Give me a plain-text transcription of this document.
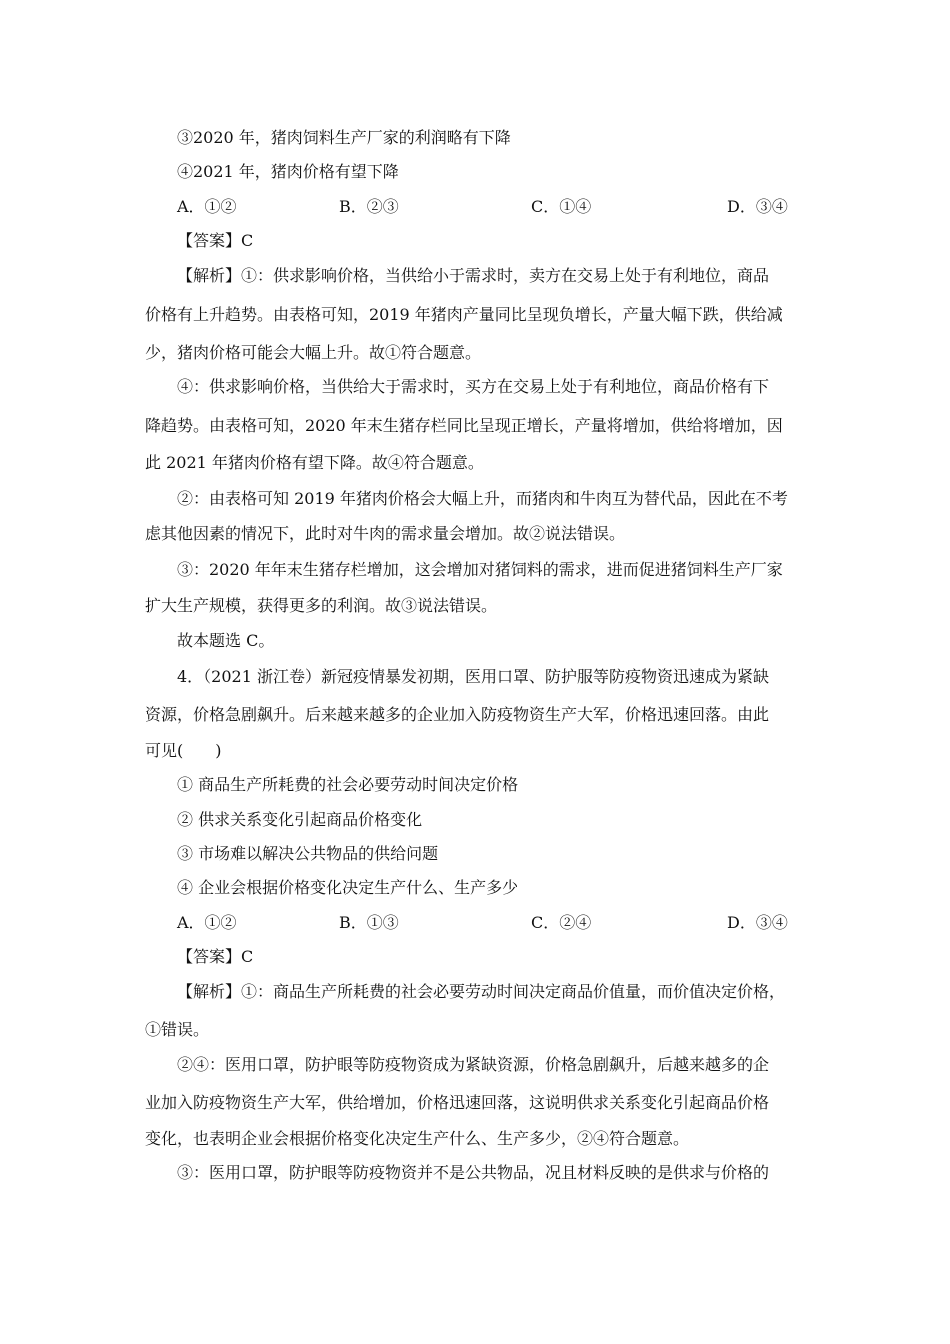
③2020 年，猪肉饲料生产厂家的利润略有下降
④2021 年，猪肉价格有望下降
A．①②	B．②③	C．①④	D．③④
【答案】C
【解析】①：供求影响价格，当供给小于需求时，卖方在交易上处于有利地位，商品
价格有上升趋势。由表格可知，2019 年猪肉产量同比呈现负增长，产量大幅下跌，供给减
少，猪肉价格可能会大幅上升。故①符合题意。
④：供求影响价格，当供给大于需求时，买方在交易上处于有利地位，商品价格有下
降趋势。由表格可知，2020 年末生猪存栏同比呈现正增长，产量将增加，供给将增加，因
此 2021 年猪肉价格有望下降。故④符合题意。
②：由表格可知 2019 年猪肉价格会大幅上升，而猪肉和牛肉互为替代品，因此在不考
虑其他因素的情况下，此时对牛肉的需求量会增加。故②说法错误。
③：2020 年年末生猪存栏增加，这会增加对猪饲料的需求，进而促进猪饲料生产厂家
扩大生产规模，获得更多的利润。故③说法错误。
故本题选 C。
4．（2021 浙江卷）新冠疫情暴发初期，医用口罩、防护服等防疫物资迅速成为紧缺
资源，价格急剧飙升。后来越来越多的企业加入防疫物资生产大军，价格迅速回落。由此
可见(　　)
① 商品生产所耗费的社会必要劳动时间决定价格
② 供求关系变化引起商品价格变化
③ 市场难以解决公共物品的供给问题
④ 企业会根据价格变化决定生产什么、生产多少
A．①②	B．①③	C．②④	D．③④
【答案】C
【解析】①：商品生产所耗费的社会必要劳动时间决定商品价值量，而价值决定价格，
①错误。
②④：医用口罩，防护眼等防疫物资成为紧缺资源，价格急剧飙升，后越来越多的企
业加入防疫物资生产大军，供给增加，价格迅速回落，这说明供求关系变化引起商品价格
变化，也表明企业会根据价格变化决定生产什么、生产多少，②④符合题意。
③：医用口罩，防护眼等防疫物资并不是公共物品，况且材料反映的是供求与价格的
